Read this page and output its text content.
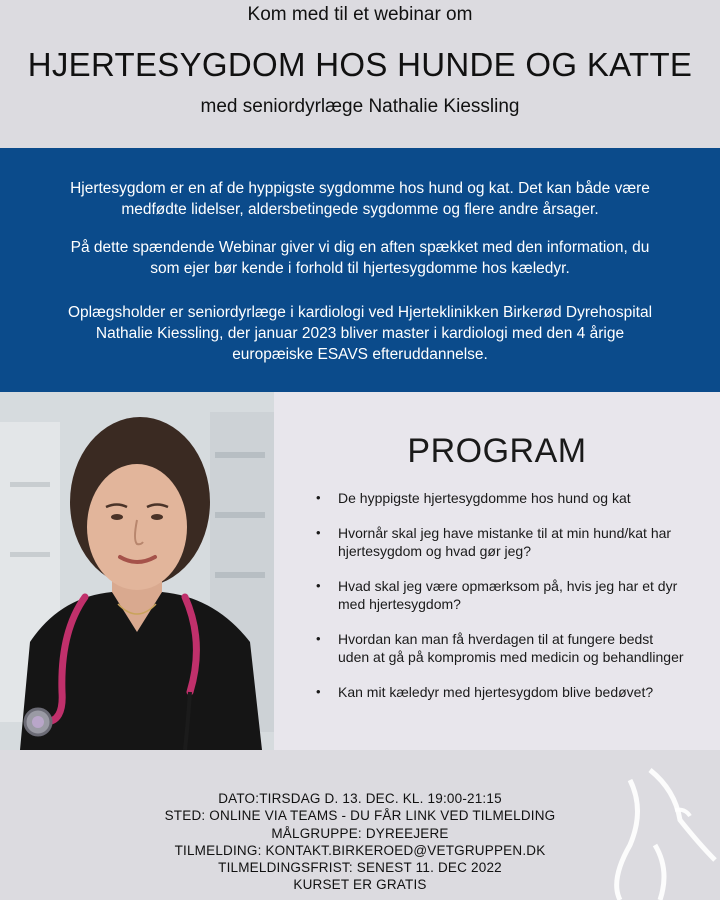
Kom med til et webinar om
HJERTESYGDOM HOS HUNDE OG KATTE
med seniordyrlæge Nathalie Kiessling

Hjertesygdom er en af de hyppigste sygdomme hos hund og kat. Det kan både være
medfødte lidelser, aldersbetingede sygdomme og flere andre årsager.

På dette spændende Webinar giver vi dig en aften spækket med den information, du
som ejer bør kende i forhold til hjertesygdomme hos kæledyr.

Oplægsholder er seniordyrlæge i kardiologi ved Hjerteklinikken Birkerød Dyrehospital
Nathalie Kiessling, der januar 2023 bliver master i kardiologi med den 4 årige
europæiske ESAVS efteruddannelse.

PROGRAM
• De hyppigste hjertesygdomme hos hund og kat
• Hvornår skal jeg have mistanke til at min hund/kat har
hjertesygdom og hvad gør jeg?
• Hvad skal jeg være opmærksom på, hvis jeg har et dyr
med hjertesygdom?
• Hvordan kan man få hverdagen til at fungere bedst
uden at gå på kompromis med medicin og behandlinger
• Kan mit kæledyr med hjertesygdom blive bedøvet?
DATO:TIRSDAG D. 13. DEC. KL. 19:00-21:15
STED: ONLINE VIA TEAMS - DU FÅR LINK VED TILMELDING
MÅLGRUPPE: DYREEJERE
TILMELDING: KONTAKT.BIRKEROED@VETGRUPPEN.DK
TILMELDINGSFRIST: SENEST 11. DEC 2022
KURSET ER GRATIS
